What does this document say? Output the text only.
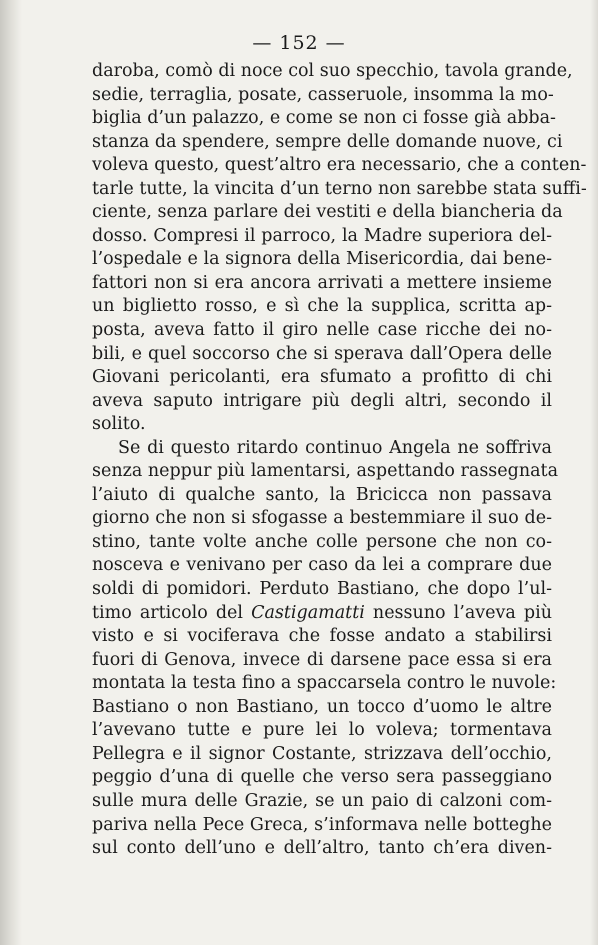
— 152 —
daroba, comò di noce col suo specchio, tavola grande,
sedie, terraglia, posate, casseruole, insomma la mo-
biglia d’un palazzo, e come se non ci fosse già abba-
stanza da spendere, sempre delle domande nuove, ci
voleva questo, quest’altro era necessario, che a conten-
tarle tutte, la vincita d’un terno non sarebbe stata suffi-
ciente, senza parlare dei vestiti e della biancheria da
dosso. Compresi il parroco, la Madre superiora del-
l’ospedale e la signora della Misericordia, dai bene-
fattori non si era ancora arrivati a mettere insieme
un biglietto rosso, e sì che la supplica, scritta ap-
posta, aveva fatto il giro nelle case ricche dei no-
bili, e quel soccorso che si sperava dall’Opera delle
Giovani pericolanti, era sfumato a profitto di chi
aveva saputo intrigare più degli altri, secondo il
solito.
Se di questo ritardo continuo Angela ne soffriva
senza neppur più lamentarsi, aspettando rassegnata
l’aiuto di qualche santo, la Bricicca non passava
giorno che non si sfogasse a bestemmiare il suo de-
stino, tante volte anche colle persone che non co-
noscevа e venivano per caso da lei a comprare due
soldi di pomidori. Perduto Bastiano, che dopo l’ul-
timo articolo del Castigamatti nessuno l’aveva più
visto e si vociferava che fosse andato a stabilirsi
fuori di Genova, invece di darsene pace essa si era
montata la testa fino a spaccarsela contro le nuvole:
Bastiano o non Bastiano, un tocco d’uomo le altre
l’avevano tutte e pure lei lo voleva; tormentava
Pellegra e il signor Costante, strizzava dell’occhio,
peggio d’una di quelle che verso sera passeggiano
sulle mura delle Grazie, se un paio di calzoni com-
pariva nella Pece Greca, s’informava nelle botteghe
sul conto dell’uno e dell’altro, tanto ch’era diven-
